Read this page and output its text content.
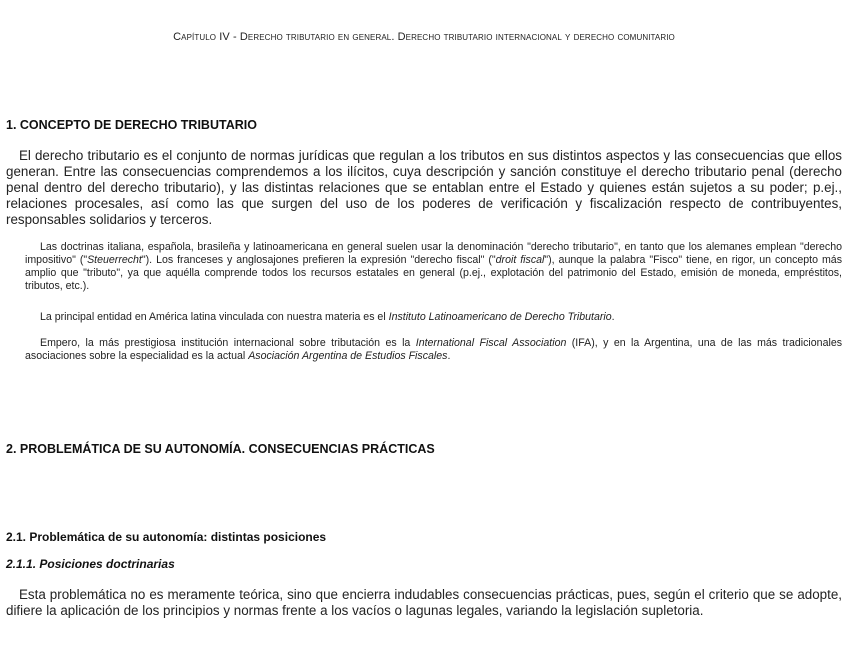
Capítulo IV - Derecho tributario en general. Derecho tributario internacional y derecho comunitario
1. CONCEPTO DE DERECHO TRIBUTARIO

El derecho tributario es el conjunto de normas jurídicas que regulan a los tributos en sus distintos aspectos y las consecuencias que ellos generan. Entre las consecuencias comprendemos a los ilícitos, cuya descripción y sanción constituye el derecho tributario penal (derecho penal dentro del derecho tributario), y las distintas relaciones que se entablan entre el Estado y quienes están sujetos a su poder; p.ej., relaciones procesales, así como las que surgen del uso de los poderes de verificación y fiscalización respecto de contribuyentes, responsables solidarios y terceros.

Las doctrinas italiana, española, brasileña y latinoamericana en general suelen usar la denominación "derecho tributario", en tanto que los alemanes emplean "derecho impositivo" ("Steuerrecht"). Los franceses y anglosajones prefieren la expresión "derecho fiscal" ("droit fiscal"), aunque la palabra "Fisco" tiene, en rigor, un concepto más amplio que "tributo", ya que aquélla comprende todos los recursos estatales en general (p.ej., explotación del patrimonio del Estado, emisión de moneda, empréstitos, tributos, etc.).

La principal entidad en América latina vinculada con nuestra materia es el Instituto Latinoamericano de Derecho Tributario.

Empero, la más prestigiosa institución internacional sobre tributación es la International Fiscal Association (IFA), y en la Argentina, una de las más tradicionales asociaciones sobre la especialidad es la actual Asociación Argentina de Estudios Fiscales.

2. PROBLEMÁTICA DE SU AUTONOMÍA. CONSECUENCIAS PRÁCTICAS
2.1. Problemática de su autonomía: distintas posiciones
2.1.1. Posiciones doctrinarias

Esta problemática no es meramente teórica, sino que encierra indudables consecuencias prácticas, pues, según el criterio que se adopte, difiere la aplicación de los principios y normas frente a los vacíos o lagunas legales, variando la legislación supletoria.
